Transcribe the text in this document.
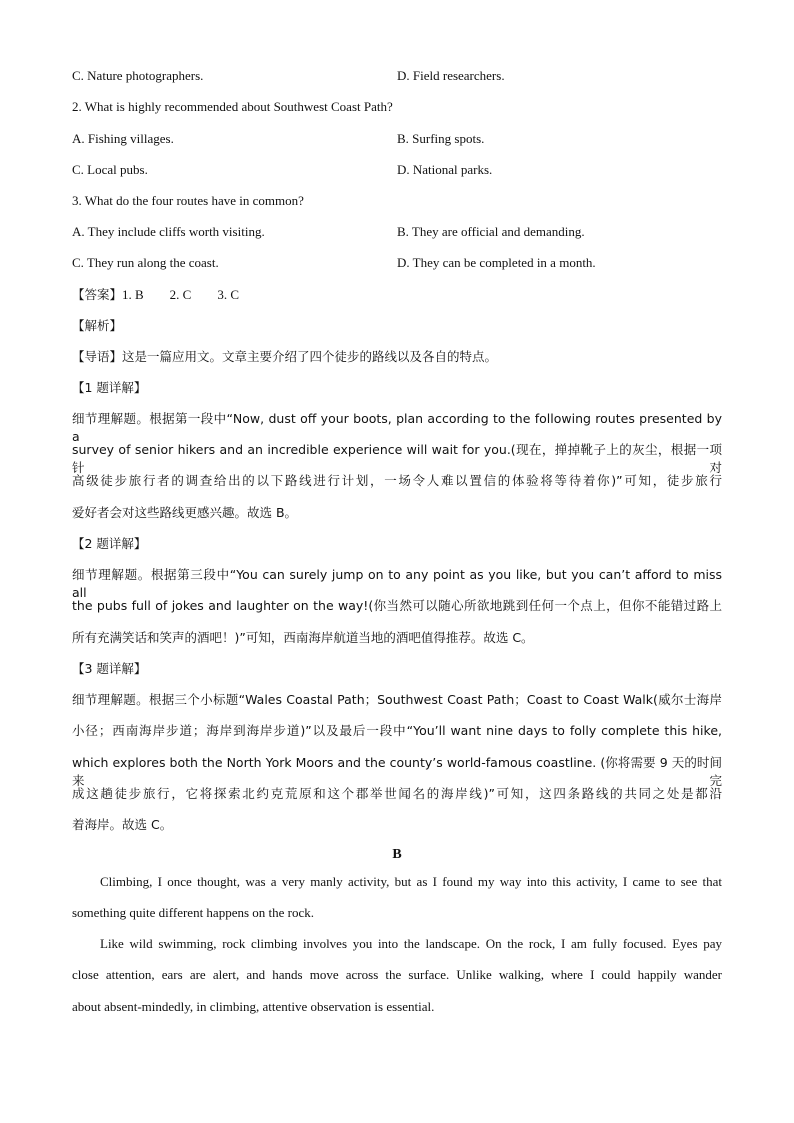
C. Nature photographers.	D. Field researchers.
2. What is highly recommended about Southwest Coast Path?
A. Fishing villages.	B. Surfing spots.
C. Local pubs.	D. National parks.
3. What do the four routes have in common?
A. They include cliffs worth visiting.	B. They are official and demanding.
C. They run along the coast.	D. They can be completed in a month.
【答案】1. B        2. C        3. C
【解析】
【导语】这是一篇应用文。文章主要介绍了四个徒步的路线以及各自的特点。
【1 题详解】
细节理解题。根据第一段中“Now, dust off your boots, plan according to the following routes presented by a
survey of senior hikers and an incredible experience will wait for you.(现在，掸掉靴子上的灰尘，根据一项针对
高级徒步旅行者的调查给出的以下路线进行计划，一场令人难以置信的体验将等待着你)”可知，徒步旅行
爱好者会对这些路线更感兴趣。故选 B。
【2 题详解】
细节理解题。根据第三段中“You can surely jump on to any point as you like, but you can’t afford to miss all
the pubs full of jokes and laughter on the way!(你当然可以随心所欲地跳到任何一个点上，但你不能错过路上
所有充满笑话和笑声的酒吧！)”可知，西南海岸航道当地的酒吧值得推荐。故选 C。
【3 题详解】
细节理解题。根据三个小标题“Wales Coastal Path；Southwest Coast Path；Coast to Coast Walk(威尔士海岸
小径；西南海岸步道；海岸到海岸步道)”以及最后一段中“You’ll want nine days to folly complete this hike,
which explores both the North York Moors and the county’s world-famous coastline. (你将需要 9 天的时间来完
成这趟徒步旅行，它将探索北约克荒原和这个郡举世闻名的海岸线)”可知，这四条路线的共同之处是都沿
着海岸。故选 C。
B
Climbing, I once thought, was a very manly activity, but as I found my way into this activity, I came to see that
something quite different happens on the rock.
Like wild swimming, rock climbing involves you into the landscape. On the rock, I am fully focused. Eyes pay
close attention, ears are alert, and hands move across the surface. Unlike walking, where I could happily wander
about absent-mindedly, in climbing, attentive observation is essential.
